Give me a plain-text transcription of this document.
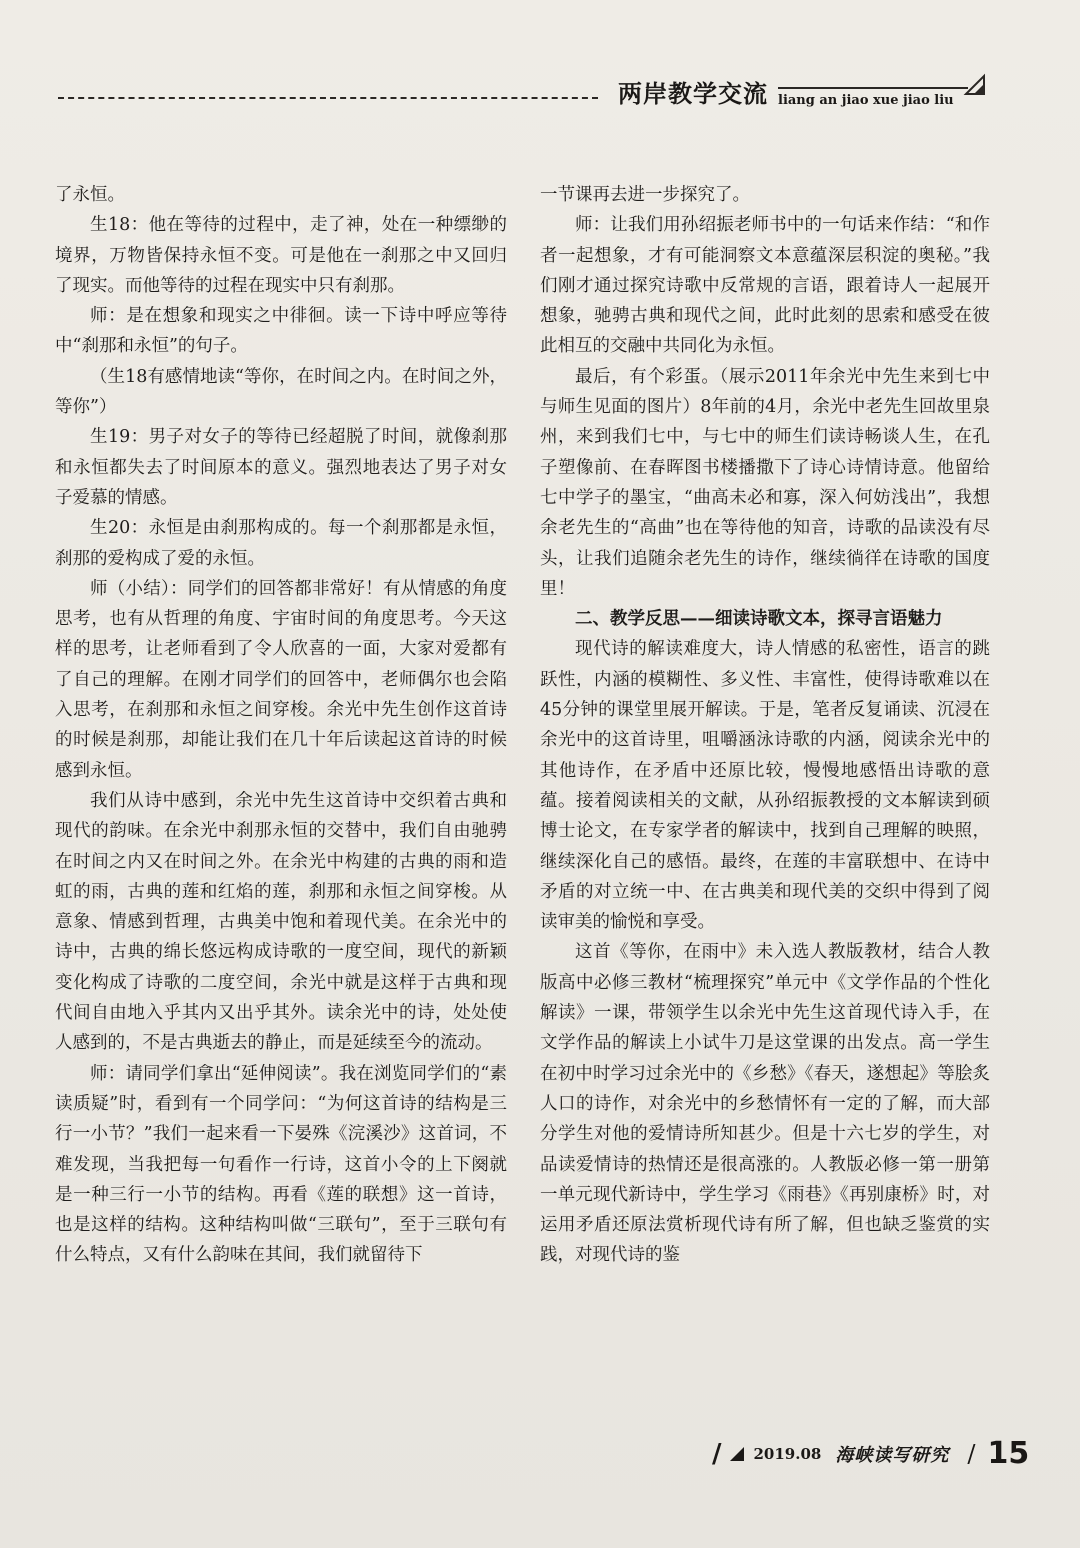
两岸教学交流 liang an jiao xue jiao liu

了永恒。

生18：他在等待的过程中，走了神，处在一种缥缈的境界，万物皆保持永恒不变。可是他在一刹那之中又回归了现实。而他等待的过程在现实中只有刹那。

师：是在想象和现实之中徘徊。读一下诗中呼应等待中“刹那和永恒”的句子。

（生18有感情地读“等你，在时间之内。在时间之外，等你”）

生19：男子对女子的等待已经超脱了时间，就像刹那和永恒都失去了时间原本的意义。强烈地表达了男子对女子爱慕的情感。

生20：永恒是由刹那构成的。每一个刹那都是永恒，刹那的爱构成了爱的永恒。

师（小结）：同学们的回答都非常好！有从情感的角度思考，也有从哲理的角度、宇宙时间的角度思考。今天这样的思考，让老师看到了令人欣喜的一面，大家对爱都有了自己的理解。在刚才同学们的回答中，老师偶尔也会陷入思考，在刹那和永恒之间穿梭。余光中先生创作这首诗的时候是刹那，却能让我们在几十年后读起这首诗的时候感到永恒。

我们从诗中感到，余光中先生这首诗中交织着古典和现代的韵味。在余光中刹那永恒的交替中，我们自由驰骋在时间之内又在时间之外。在余光中构建的古典的雨和造虹的雨，古典的莲和红焰的莲，刹那和永恒之间穿梭。从意象、情感到哲理，古典美中饱和着现代美。在余光中的诗中，古典的绵长悠远构成诗歌的一度空间，现代的新颖变化构成了诗歌的二度空间，余光中就是这样于古典和现代间自由地入乎其内又出乎其外。读余光中的诗，处处使人感到的，不是古典逝去的静止，而是延续至今的流动。

师：请同学们拿出“延伸阅读”。我在浏览同学们的“素读质疑”时，看到有一个同学问：“为何这首诗的结构是三行一小节？”我们一起来看一下晏殊《浣溪沙》这首词，不难发现，当我把每一句看作一行诗，这首小令的上下阕就是一种三行一小节的结构。再看《莲的联想》这一首诗，也是这样的结构。这种结构叫做“三联句”，至于三联句有什么特点，又有什么韵味在其间，我们就留待下

一节课再去进一步探究了。

师：让我们用孙绍振老师书中的一句话来作结：“和作者一起想象，才有可能洞察文本意蕴深层积淀的奥秘。”我们刚才通过探究诗歌中反常规的言语，跟着诗人一起展开想象，驰骋古典和现代之间，此时此刻的思索和感受在彼此相互的交融中共同化为永恒。

最后，有个彩蛋。（展示2011年余光中先生来到七中与师生见面的图片）8年前的4月，余光中老先生回故里泉州，来到我们七中，与七中的师生们读诗畅谈人生，在孔子塑像前、在春晖图书楼播撒下了诗心诗情诗意。他留给七中学子的墨宝，“曲高未必和寡，深入何妨浅出”，我想余老先生的“高曲”也在等待他的知音，诗歌的品读没有尽头，让我们追随余老先生的诗作，继续徜徉在诗歌的国度里！

二、教学反思——细读诗歌文本，探寻言语魅力

现代诗的解读难度大，诗人情感的私密性，语言的跳跃性，内涵的模糊性、多义性、丰富性，使得诗歌难以在45分钟的课堂里展开解读。于是，笔者反复诵读、沉浸在余光中的这首诗里，咀嚼涵泳诗歌的内涵，阅读余光中的其他诗作，在矛盾中还原比较，慢慢地感悟出诗歌的意蕴。接着阅读相关的文献，从孙绍振教授的文本解读到硕博士论文，在专家学者的解读中，找到自己理解的映照，继续深化自己的感悟。最终，在莲的丰富联想中、在诗中矛盾的对立统一中、在古典美和现代美的交织中得到了阅读审美的愉悦和享受。

这首《等你，在雨中》未入选人教版教材，结合人教版高中必修三教材“梳理探究”单元中《文学作品的个性化解读》一课，带领学生以余光中先生这首现代诗入手，在文学作品的解读上小试牛刀是这堂课的出发点。高一学生在初中时学习过余光中的《乡愁》《春天，遂想起》等脍炙人口的诗作，对余光中的乡愁情怀有一定的了解，而大部分学生对他的爱情诗所知甚少。但是十六七岁的学生，对品读爱情诗的热情还是很高涨的。人教版必修一第一册第一单元现代新诗中，学生学习《雨巷》《再别康桥》时，对运用矛盾还原法赏析现代诗有所了解，但也缺乏鉴赏的实践，对现代诗的鉴

/ 2019.08 海峡读写研究 / 15
